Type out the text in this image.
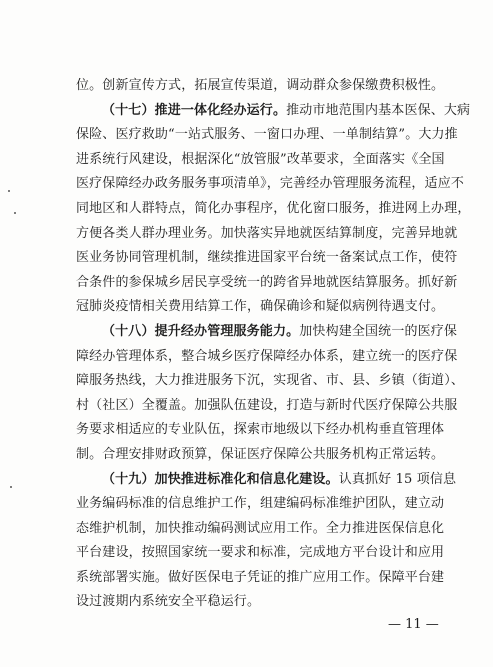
位。创新宣传方式，拓展宣传渠道，调动群众参保缴费积极性。
（十七）推进一体化经办运行。推动市地范围内基本医保、大病
保险、医疗救助“一站式服务、一窗口办理、一单制结算”。大力推
进系统行风建设，根据深化“放管服”改革要求，全面落实《全国
医疗保障经办政务服务事项清单》，完善经办管理服务流程，适应不
同地区和人群特点，简化办事程序，优化窗口服务，推进网上办理，
方便各类人群办理业务。加快落实异地就医结算制度，完善异地就
医业务协同管理机制，继续推进国家平台统一备案试点工作，使符
合条件的参保城乡居民享受统一的跨省异地就医结算服务。抓好新
冠肺炎疫情相关费用结算工作，确保确诊和疑似病例待遇支付。
（十八）提升经办管理服务能力。加快构建全国统一的医疗保
障经办管理体系，整合城乡医疗保障经办体系，建立统一的医疗保
障服务热线，大力推进服务下沉，实现省、市、县、乡镇（街道）、
村（社区）全覆盖。加强队伍建设，打造与新时代医疗保障公共服
务要求相适应的专业队伍，探索市地级以下经办机构垂直管理体
制。合理安排财政预算，保证医疗保障公共服务机构正常运转。
（十九）加快推进标准化和信息化建设。认真抓好 15 项信息
业务编码标准的信息维护工作，组建编码标准维护团队，建立动
态维护机制，加快推动编码测试应用工作。全力推进医保信息化
平台建设，按照国家统一要求和标准，完成地方平台设计和应用
系统部署实施。做好医保电子凭证的推广应用工作。保障平台建
设过渡期内系统安全平稳运行。
— 11 —
